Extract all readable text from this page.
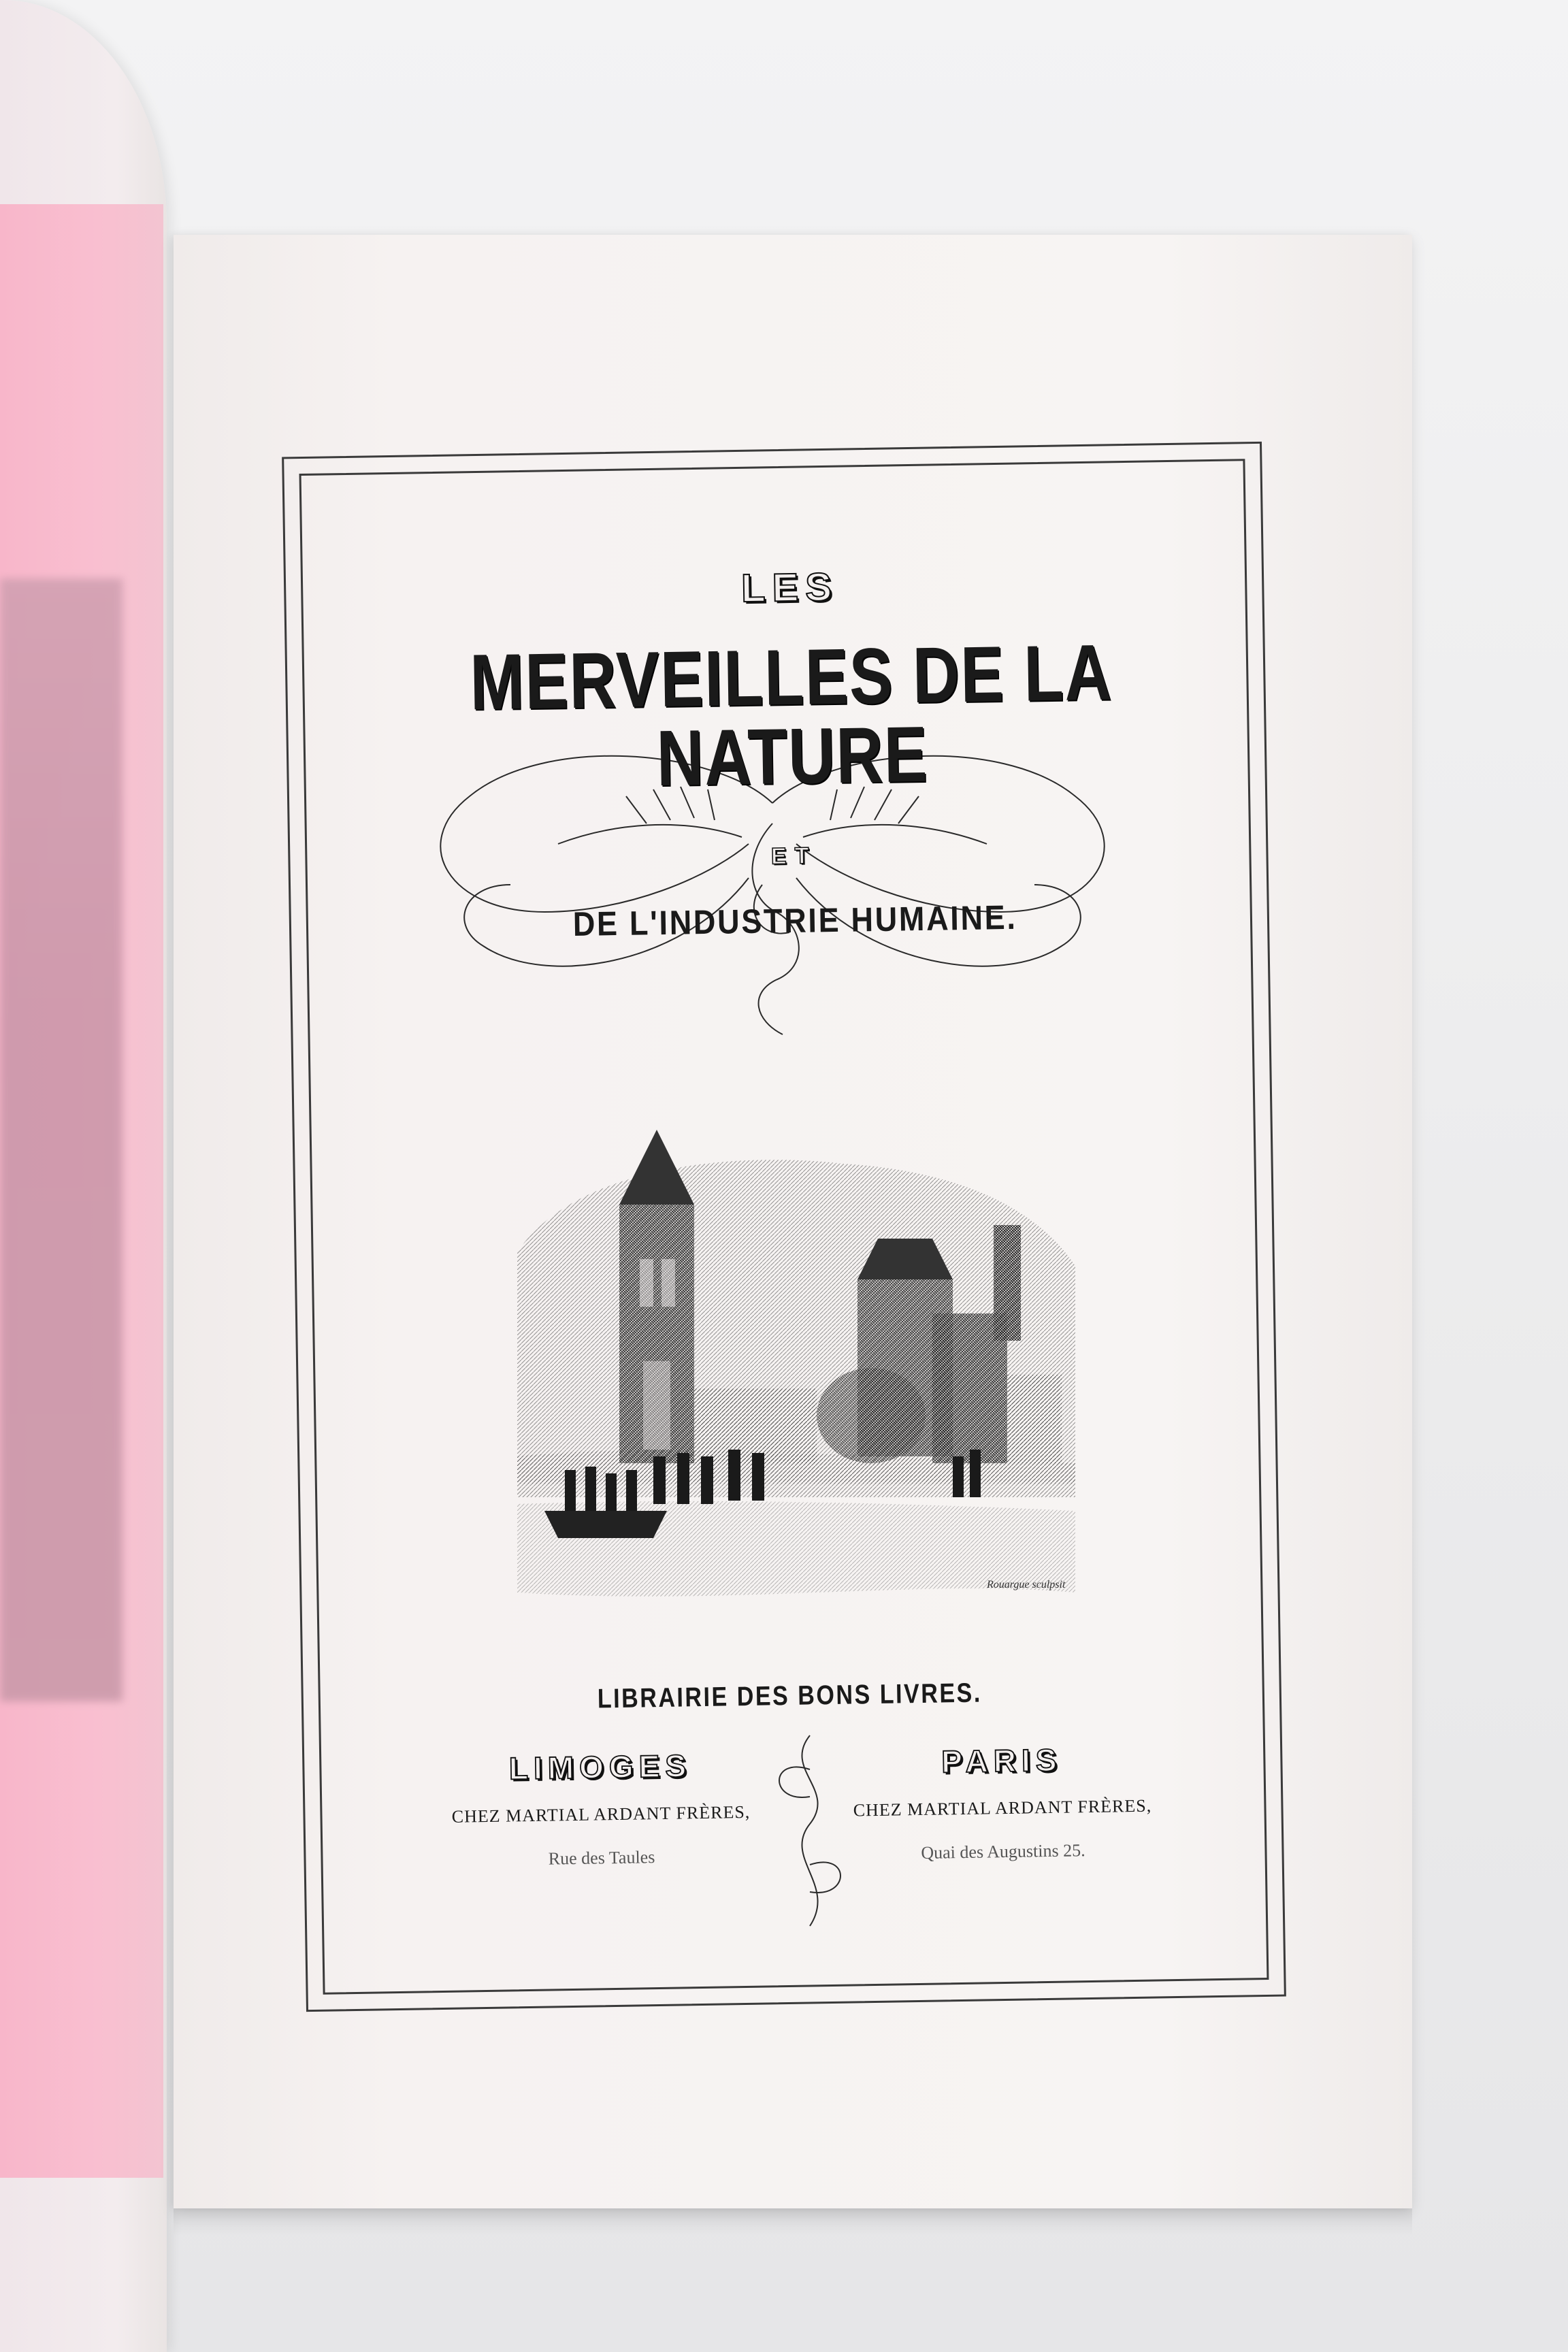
LES
MERVEILLES DE LA NATURE
ET
DE L'INDUSTRIE HUMAINE.
Rouargue sculpsit
LIBRAIRIE DES BONS LIVRES.
LIMOGES
CHEZ MARTIAL ARDANT FRÈRES,
Rue des Taules
PARIS
CHEZ MARTIAL ARDANT FRÈRES,
Quai des Augustins 25.
